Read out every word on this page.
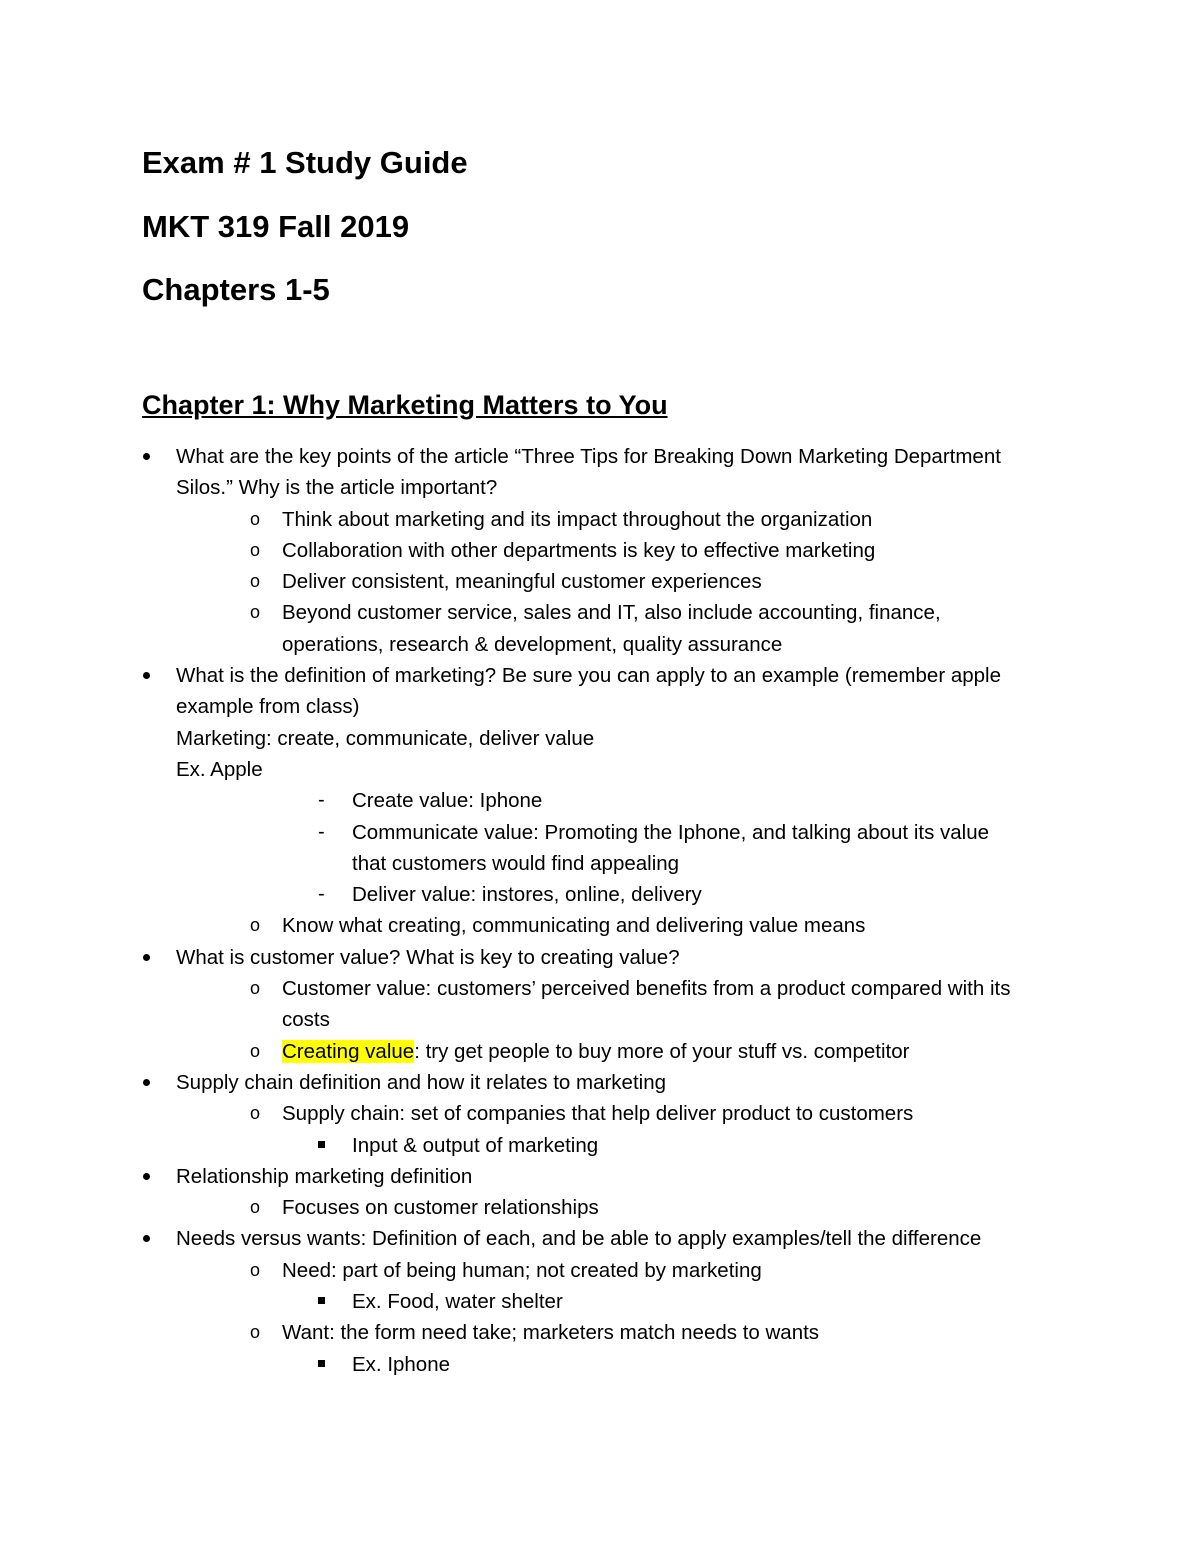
Exam # 1 Study Guide
MKT 319 Fall 2019
Chapters 1-5
Chapter 1: Why Marketing Matters to You
What are the key points of the article “Three Tips for Breaking Down Marketing Department
Silos.” Why is the article important?
o Think about marketing and its impact throughout the organization
o Collaboration with other departments is key to effective marketing
o Deliver consistent, meaningful customer experiences
o Beyond customer service, sales and IT, also include accounting, finance,
operations, research & development, quality assurance
What is the definition of marketing? Be sure you can apply to an example (remember apple
example from class)
Marketing: create, communicate, deliver value
Ex. Apple
- Create value: Iphone
- Communicate value: Promoting the Iphone, and talking about its value
that customers would find appealing
- Deliver value: instores, online, delivery
o Know what creating, communicating and delivering value means
What is customer value? What is key to creating value?
o Customer value: customers’ perceived benefits from a product compared with its
costs
o Creating value: try get people to buy more of your stuff vs. competitor
Supply chain definition and how it relates to marketing
o Supply chain: set of companies that help deliver product to customers
Input & output of marketing
Relationship marketing definition
o Focuses on customer relationships
Needs versus wants: Definition of each, and be able to apply examples/tell the difference
o Need: part of being human; not created by marketing
Ex. Food, water shelter
o Want: the form need take; marketers match needs to wants
Ex. Iphone
